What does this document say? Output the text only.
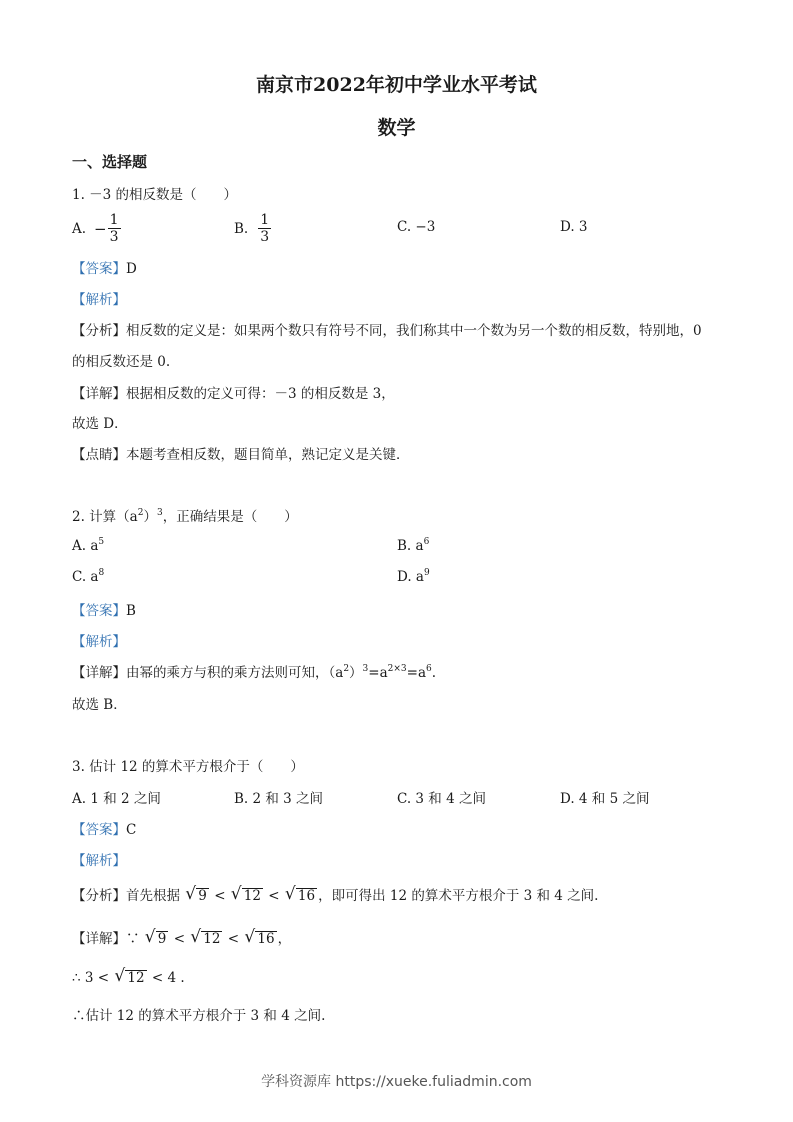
南京市2022年初中学业水平考试
数学
一、选择题
1. －3 的相反数是（　　）
A. − $\frac{1}{3}$	B. $\frac{1}{3}$	C. −3	D. 3
【答案】D
【解析】
【分析】相反数的定义是：如果两个数只有符号不同，我们称其中一个数为另一个数的相反数，特别地，0
的相反数还是 0.
【详解】根据相反数的定义可得：－3 的相反数是 3，
故选 D．
【点睛】本题考查相反数，题目简单，熟记定义是关键．
2. 计算$(a^2)^3$，正确结果是（　　）
A. $a^5$	B. $a^6$
C. $a^8$	D. $a^9$
【答案】B
【解析】
【详解】由幂的乘方与积的乘方法则可知，$(a^2)^3=a^{2\times 3}=a^6$.
故选 B．
3. 估计 12 的算术平方根介于（　　）
A. 1 和 2 之间	B. 2 和 3 之间	C. 3 和 4 之间	D. 4 和 5 之间
【答案】C
【解析】
【分析】首先根据 √ 9 < √ 12 < √ 16 ，即可得出 12 的算术平方根介于 3 和 4 之间.
【详解】∵ √ 9 < √ 12 < √ 16 ，
∴ 3 < √ 12 < 4 .
∴估计 12 的算术平方根介于 3 和 4 之间.
学科资源库 https://xueke.fuliadmin.com
